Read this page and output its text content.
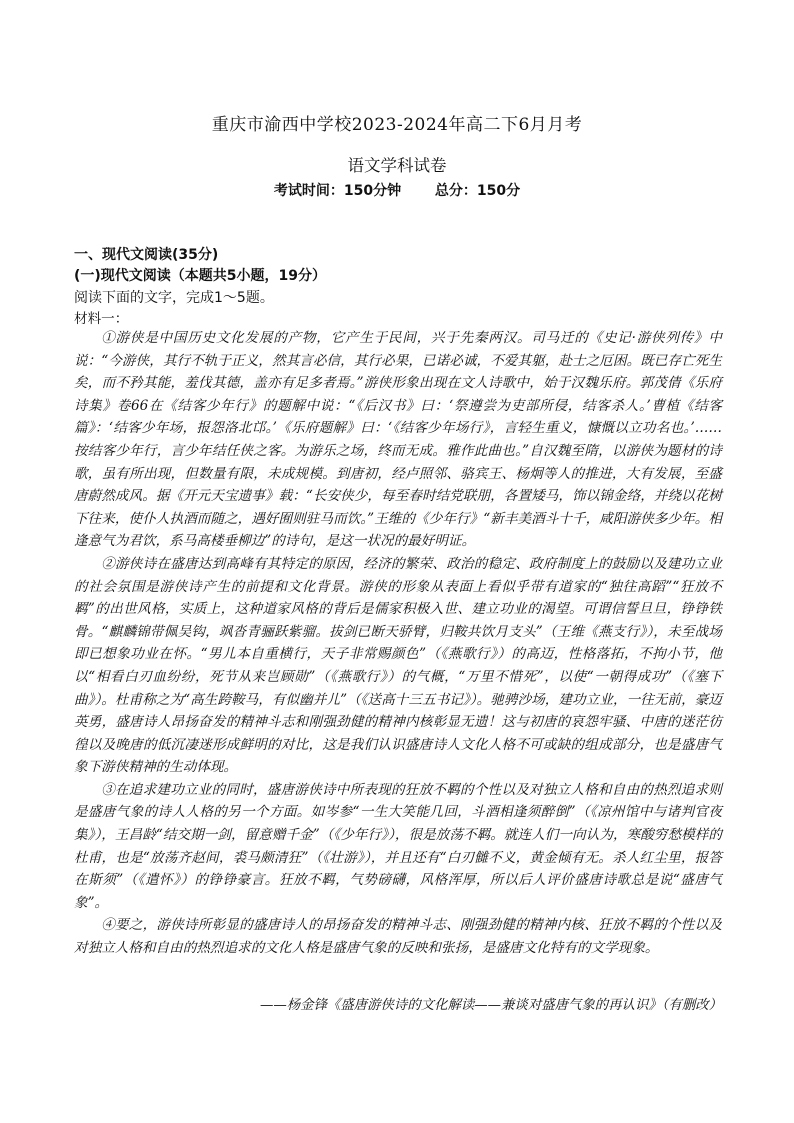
重庆市渝西中学校2023-2024年高二下6月月考
语文学科试卷
考试时间：150分钟 总分：150分
一、现代文阅读(35分)
(一)现代文阅读（本题共5小题，19分）
阅读下面的文字，完成1～5题。
材料一：

①游侠是中国历史文化发展的产物，它产生于民间，兴于先秦两汉。司马迁的《史记·游侠列传》中说：“今游侠，其行不轨于正义，然其言必信，其行必果，已诺必诚，不爱其躯，赴士之厄困。既已存亡死生矣，而不矜其能，羞伐其德，盖亦有足多者焉。”游侠形象出现在文人诗歌中，始于汉魏乐府。郭茂倩《乐府诗集》卷66在《结客少年行》的题解中说：“《后汉书》曰：‘祭遵尝为吏部所侵，结客杀人。’曹植《结客篇》：‘结客少年场，报怨洛北邙。’《乐府题解》曰：‘《结客少年场行》，言轻生重义，慷慨以立功名也。’……按结客少年行，言少年结任侠之客。为游乐之场，终而无成。雅作此曲也。”自汉魏至隋，以游侠为题材的诗歌，虽有所出现，但数量有限，未成规模。到唐初，经卢照邻、骆宾王、杨炯等人的推进，大有发展，至盛唐蔚然成风。据《开元天宝遗事》载：“长安侠少，每至春时结党联朋，各置矮马，饰以锦金络，并绕以花树下往来，使仆人执酒而随之，遇好囿则驻马而饮。”王维的《少年行》“新丰美酒斗十千，咸阳游侠多少年。相逢意气为君饮，系马高楼垂柳边”的诗句，是这一状况的最好明证。

②游侠诗在盛唐达到高峰有其特定的原因，经济的繁荣、政治的稳定、政府制度上的鼓励以及建功立业的社会氛围是游侠诗产生的前提和文化背景。游侠的形象从表面上看似乎带有道家的“独往高蹈”“狂放不羁”的出世风格，实质上，这种道家风格的背后是儒家积极入世、建立功业的渴望。可谓信誓旦旦，铮铮铁骨。“麒麟锦带佩吴钩，飒沓青骊跃紫骝。拔剑已断天骄臂，归鞍共饮月支头”（王维《燕支行》），未至战场即已想象功业在怀。“男儿本自重横行，天子非常赐颜色”（《燕歌行》）的高迈，性格落拓，不拘小节，他以“相看白刃血纷纷，死节从来岂顾勋”（《燕歌行》）的气概，“万里不惜死”，以使“一朝得成功”（《塞下曲》）。杜甫称之为“高生跨鞍马，有似幽并儿”（《送高十三五书记》）。驰骋沙场，建功立业，一往无前，豪迈英勇，盛唐诗人昂扬奋发的精神斗志和刚强劲健的精神内核彰显无遗！这与初唐的哀怨牢骚、中唐的迷茫彷徨以及晚唐的低沉凄迷形成鲜明的对比，这是我们认识盛唐诗人文化人格不可或缺的组成部分，也是盛唐气象下游侠精神的生动体现。

③在追求建功立业的同时，盛唐游侠诗中所表现的狂放不羁的个性以及对独立人格和自由的热烈追求则是盛唐气象的诗人人格的另一个方面。如岑参“一生大笑能几回，斗酒相逢须醉倒”（《凉州馆中与诸判官夜集》），王昌龄“结交期一剑，留意赠千金”（《少年行》），很是放荡不羁。就连人们一向认为，寒酸穷愁模样的杜甫，也是“放荡齐赵间，裘马颇清狂”（《壮游》），并且还有“白刃雠不义，黄金倾有无。杀人红尘里，报答在斯须”（《遣怀》）的铮铮豪言。狂放不羁，气势磅礴，风格浑厚，所以后人评价盛唐诗歌总是说“盛唐气象”。

④要之，游侠诗所彰显的盛唐诗人的昂扬奋发的精神斗志、刚强劲健的精神内核、狂放不羁的个性以及对独立人格和自由的热烈追求的文化人格是盛唐气象的反映和张扬，是盛唐文化特有的文学现象。

——杨金锋《盛唐游侠诗的文化解读——兼谈对盛唐气象的再认识》（有删改）
